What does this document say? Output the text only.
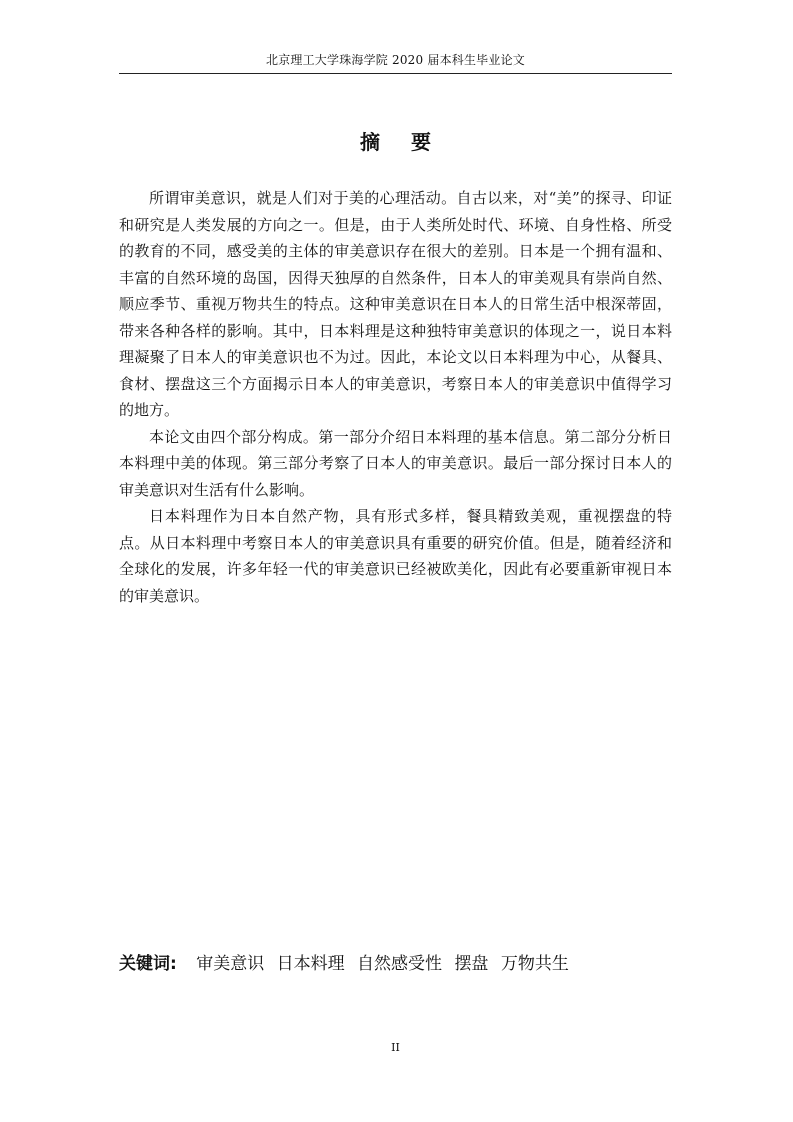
北京理工大学珠海学院 2020 届本科生毕业论文
摘 要

所谓审美意识，就是人们对于美的心理活动。自古以来，对“美”的探寻、印证和研究是人类发展的方向之一。但是，由于人类所处时代、环境、自身性格、所受的教育的不同，感受美的主体的审美意识存在很大的差别。日本是一个拥有温和、丰富的自然环境的岛国，因得天独厚的自然条件，日本人的审美观具有崇尚自然、顺应季节、重视万物共生的特点。这种审美意识在日本人的日常生活中根深蒂固，带来各种各样的影响。其中，日本料理是这种独特审美意识的体现之一，说日本料理凝聚了日本人的审美意识也不为过。因此，本论文以日本料理为中心，从餐具、食材、摆盘这三个方面揭示日本人的审美意识，考察日本人的审美意识中值得学习的地方。

本论文由四个部分构成。第一部分介绍日本料理的基本信息。第二部分分析日本料理中美的体现。第三部分考察了日本人的审美意识。最后一部分探讨日本人的审美意识对生活有什么影响。

日本料理作为日本自然产物，具有形式多样，餐具精致美观，重视摆盘的特点。从日本料理中考察日本人的审美意识具有重要的研究价值。但是，随着经济和全球化的发展，许多年轻一代的审美意识已经被欧美化，因此有必要重新审视日本的审美意识。

关键词: 审美意识 日本料理 自然感受性 摆盘 万物共生
II
